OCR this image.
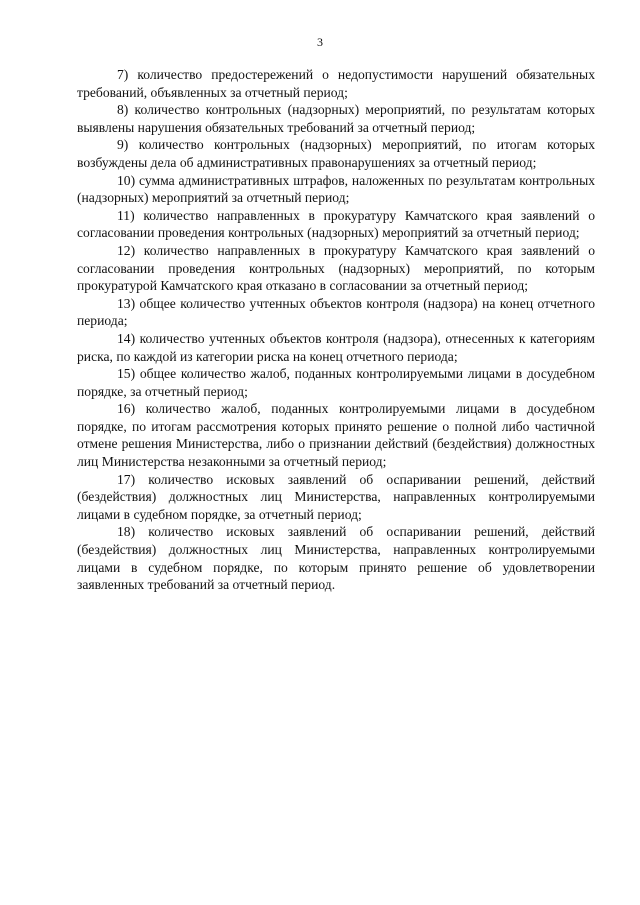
3

7) количество предостережений о недопустимости нарушений обязательных требований, объявленных за отчетный период;

8) количество контрольных (надзорных) мероприятий, по результатам которых выявлены нарушения обязательных требований за отчетный период;

9) количество контрольных (надзорных) мероприятий, по итогам которых возбуждены дела об административных правонарушениях за отчетный период;

10) сумма административных штрафов, наложенных по результатам контрольных (надзорных) мероприятий за отчетный период;

11) количество направленных в прокуратуру Камчатского края заявлений о согласовании проведения контрольных (надзорных) мероприятий за отчетный период;

12) количество направленных в прокуратуру Камчатского края заявлений о согласовании проведения контрольных (надзорных) мероприятий, по которым прокуратурой Камчатского края отказано в согласовании за отчетный период;

13) общее количество учтенных объектов контроля (надзора) на конец отчетного периода;

14) количество учтенных объектов контроля (надзора), отнесенных к категориям риска, по каждой из категории риска на конец отчетного периода;

15) общее количество жалоб, поданных контролируемыми лицами в досудебном порядке, за отчетный период;

16) количество жалоб, поданных контролируемыми лицами в досудебном порядке, по итогам рассмотрения которых принято решение о полной либо частичной отмене решения Министерства, либо о признании действий (бездействия) должностных лиц Министерства незаконными за отчетный период;

17) количество исковых заявлений об оспаривании решений, действий (бездействия) должностных лиц Министерства, направленных контролируемыми лицами в судебном порядке, за отчетный период;

18) количество исковых заявлений об оспаривании решений, действий (бездействия) должностных лиц Министерства, направленных контролируемыми лицами в судебном порядке, по которым принято решение об удовлетворении заявленных требований за отчетный период.
